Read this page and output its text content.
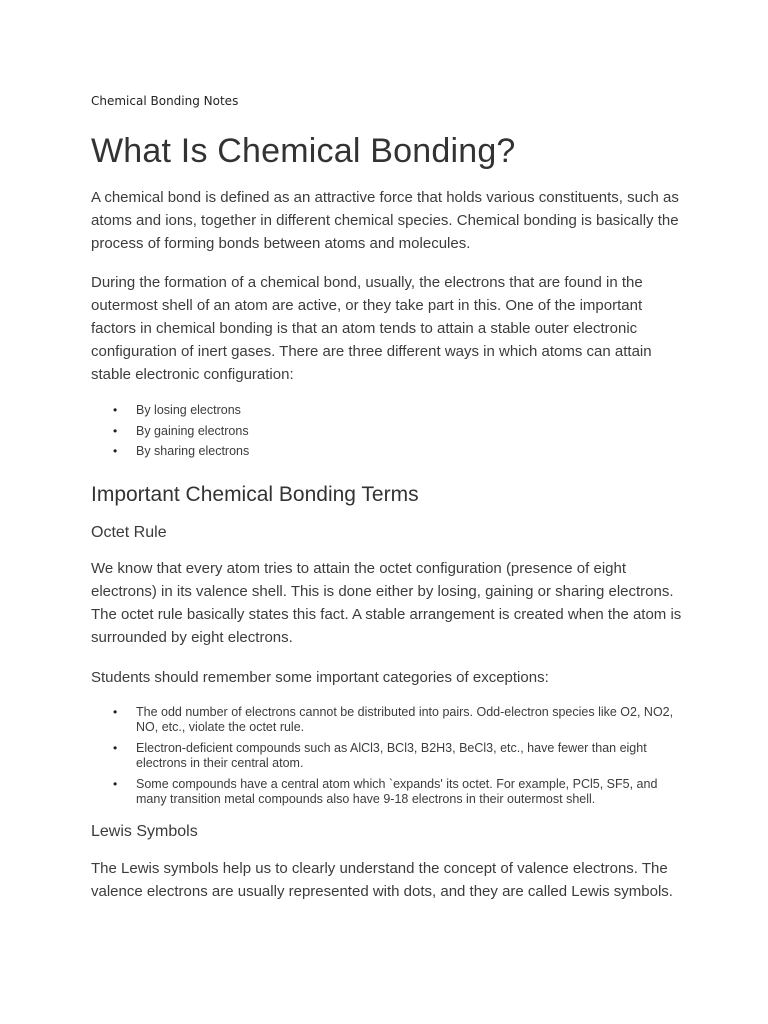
Chemical Bonding Notes
What Is Chemical Bonding?

A chemical bond is defined as an attractive force that holds various constituents, such as atoms and ions, together in different chemical species. Chemical bonding is basically the process of forming bonds between atoms and molecules.

During the formation of a chemical bond, usually, the electrons that are found in the outermost shell of an atom are active, or they take part in this. One of the important factors in chemical bonding is that an atom tends to attain a stable outer electronic configuration of inert gases. There are three different ways in which atoms can attain stable electronic configuration:

• By losing electrons
• By gaining electrons
• By sharing electrons
Important Chemical Bonding Terms
Octet Rule

We know that every atom tries to attain the octet configuration (presence of eight electrons) in its valence shell. This is done either by losing, gaining or sharing electrons. The octet rule basically states this fact. A stable arrangement is created when the atom is surrounded by eight electrons.

Students should remember some important categories of exceptions:

• The odd number of electrons cannot be distributed into pairs. Odd-electron species like O2, NO2, NO, etc., violate the octet rule.
• Electron-deficient compounds such as AlCl3, BCl3, B2H3, BeCl3, etc., have fewer than eight electrons in their central atom.
• Some compounds have a central atom which `expands' its octet. For example, PCl5, SF5, and many transition metal compounds also have 9-18 electrons in their outermost shell.
Lewis Symbols

The Lewis symbols help us to clearly understand the concept of valence electrons. The valence electrons are usually represented with dots, and they are called Lewis symbols.
